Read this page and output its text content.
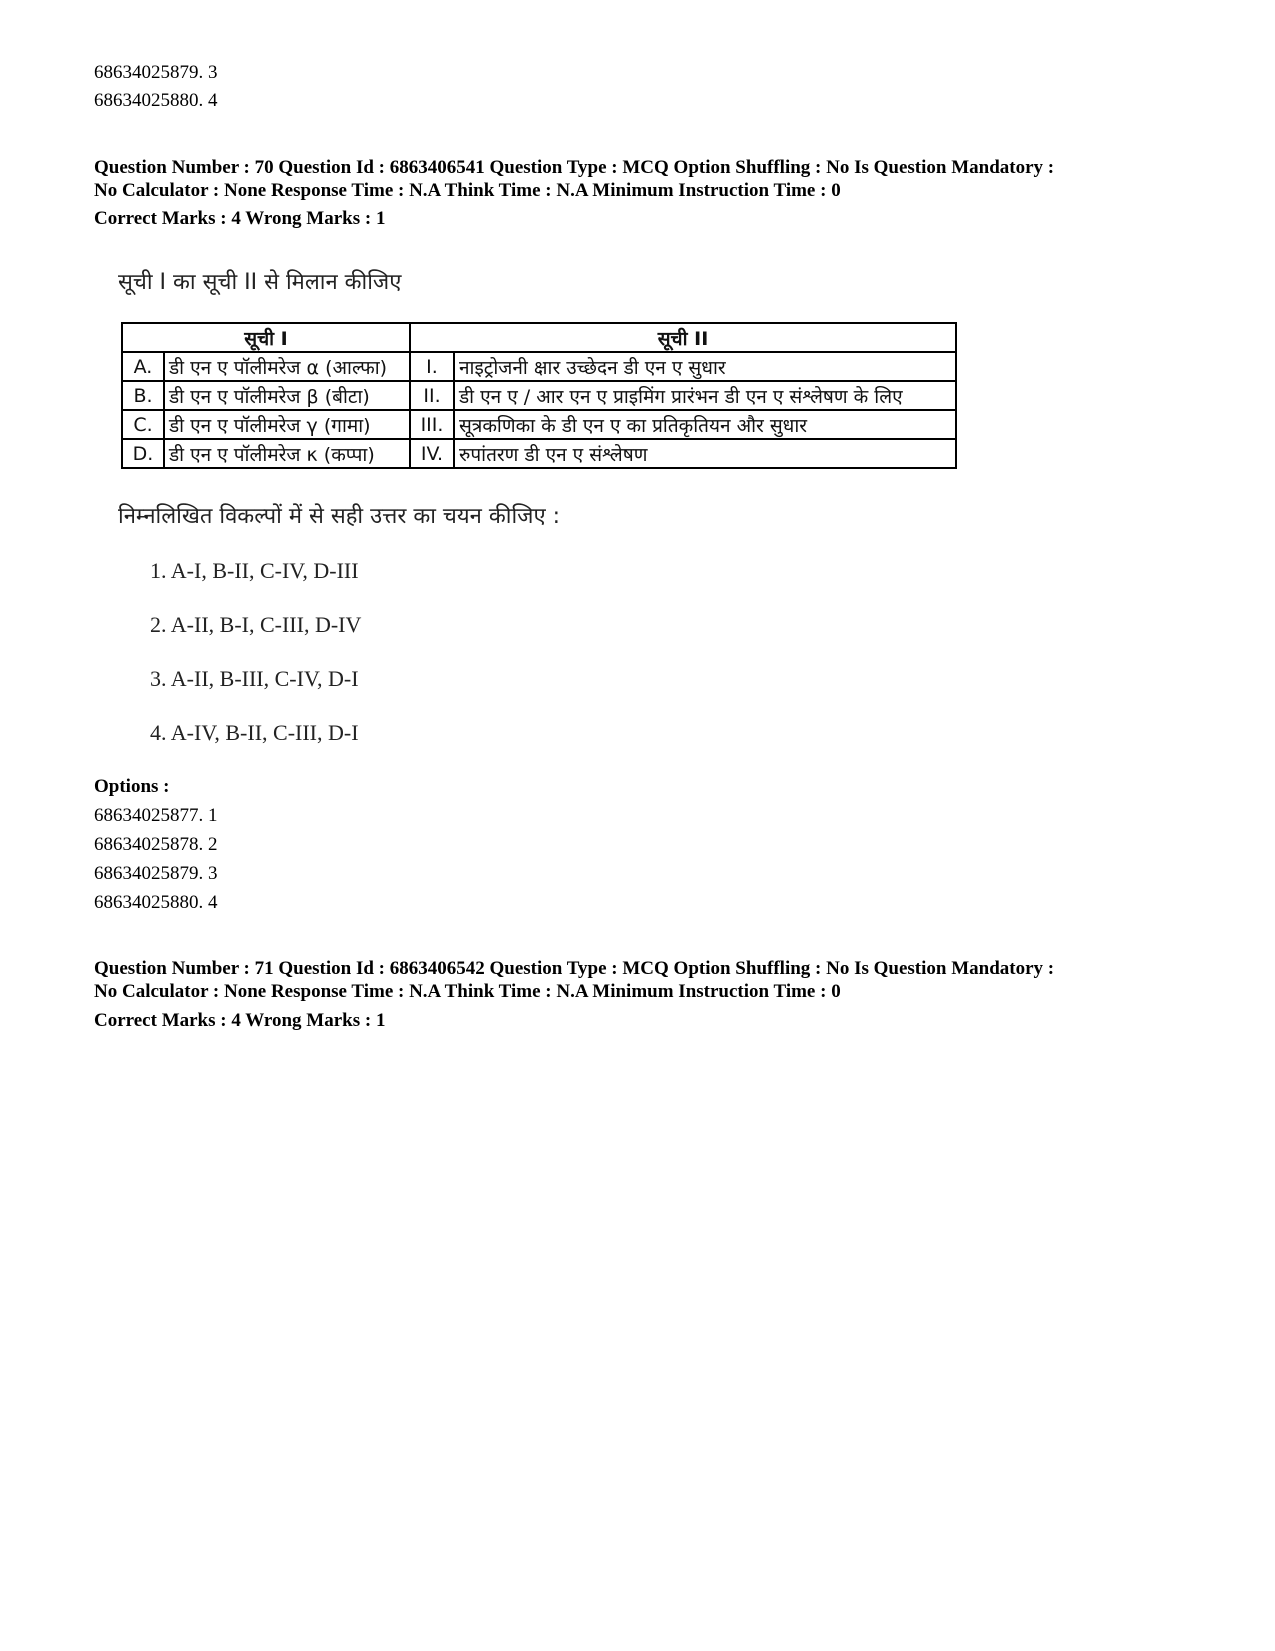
68634025879. 3
68634025880. 4
Question Number : 70 Question Id : 6863406541 Question Type : MCQ Option Shuffling : No Is Question Mandatory :
No Calculator : None Response Time : N.A Think Time : N.A Minimum Instruction Time : 0
Correct Marks : 4 Wrong Marks : 1
सूची I का सूची II से मिलान कीजिए
सूची I		सूची II	
A.	डी एन ए पॉलीमरेज α (आल्फा)	I.	नाइट्रोजनी क्षार उच्छेदन डी एन ए सुधार
B.	डी एन ए पॉलीमरेज β (बीटा)	II.	डी एन ए / आर एन ए प्राइमिंग प्रारंभन डी एन ए संश्लेषण के लिए
C.	डी एन ए पॉलीमरेज γ (गामा)	III.	सूत्रकणिका के डी एन ए का प्रतिकृतियन और सुधार
D.	डी एन ए पॉलीमरेज κ (कप्पा)	IV.	रुपांतरण डी एन ए संश्लेषण
निम्नलिखित विकल्पों में से सही उत्तर का चयन कीजिए :
1. A-I, B-II, C-IV, D-III
2. A-II, B-I, C-III, D-IV
3. A-II, B-III, C-IV, D-I
4. A-IV, B-II, C-III, D-I
Options :
68634025877. 1
68634025878. 2
68634025879. 3
68634025880. 4
Question Number : 71 Question Id : 6863406542 Question Type : MCQ Option Shuffling : No Is Question Mandatory :
No Calculator : None Response Time : N.A Think Time : N.A Minimum Instruction Time : 0
Correct Marks : 4 Wrong Marks : 1
